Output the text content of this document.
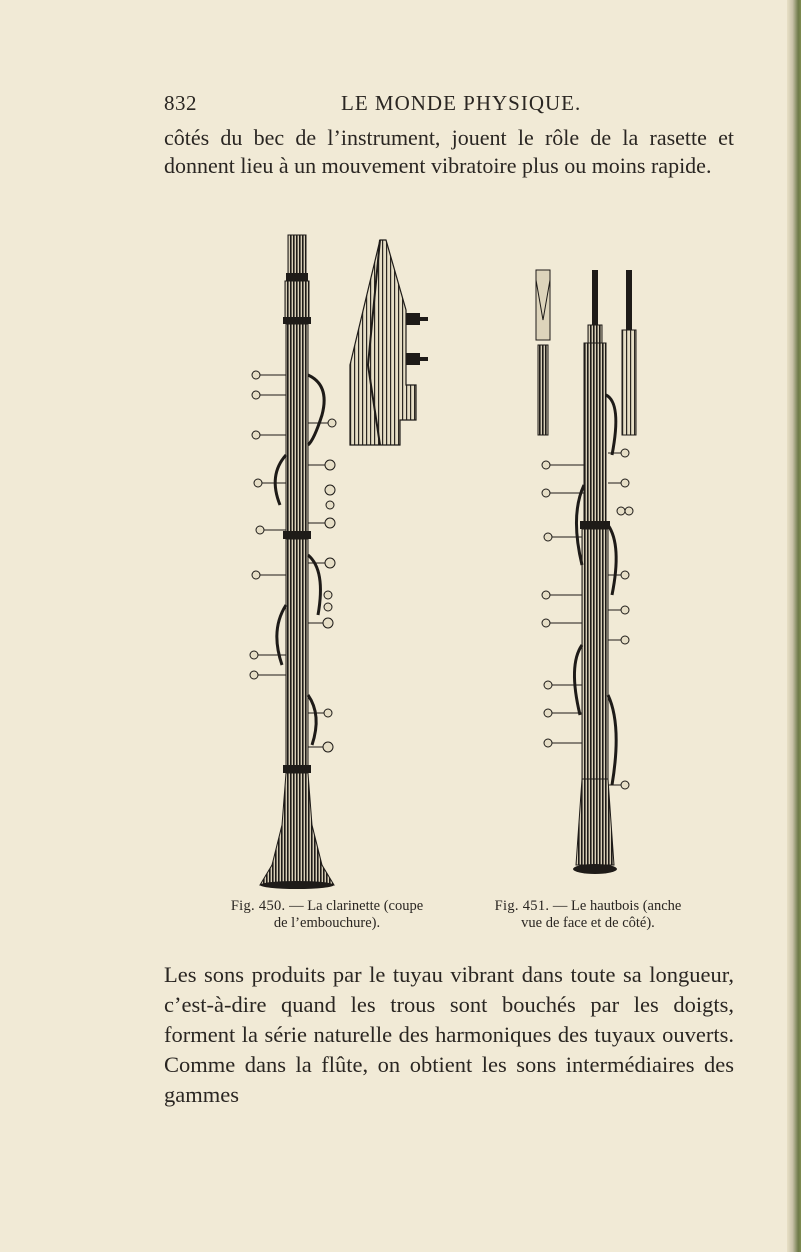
832	LE MONDE PHYSIQUE.

côtés du bec de l’instrument, jouent le rôle de la rasette et donnent lieu à un mouvement vibratoire plus ou moins rapide.

Fig. 450. — La clarinette (coupe
de l’embouchure).
Fig. 451. — Le hautbois (anche
vue de face et de côté).

Les sons produits par le tuyau vibrant dans toute sa longueur, c’est-à-dire quand les trous sont bouchés par les doigts, forment la série naturelle des harmoniques des tuyaux ouverts. Comme dans la flûte, on obtient les sons intermédiaires des gammes
